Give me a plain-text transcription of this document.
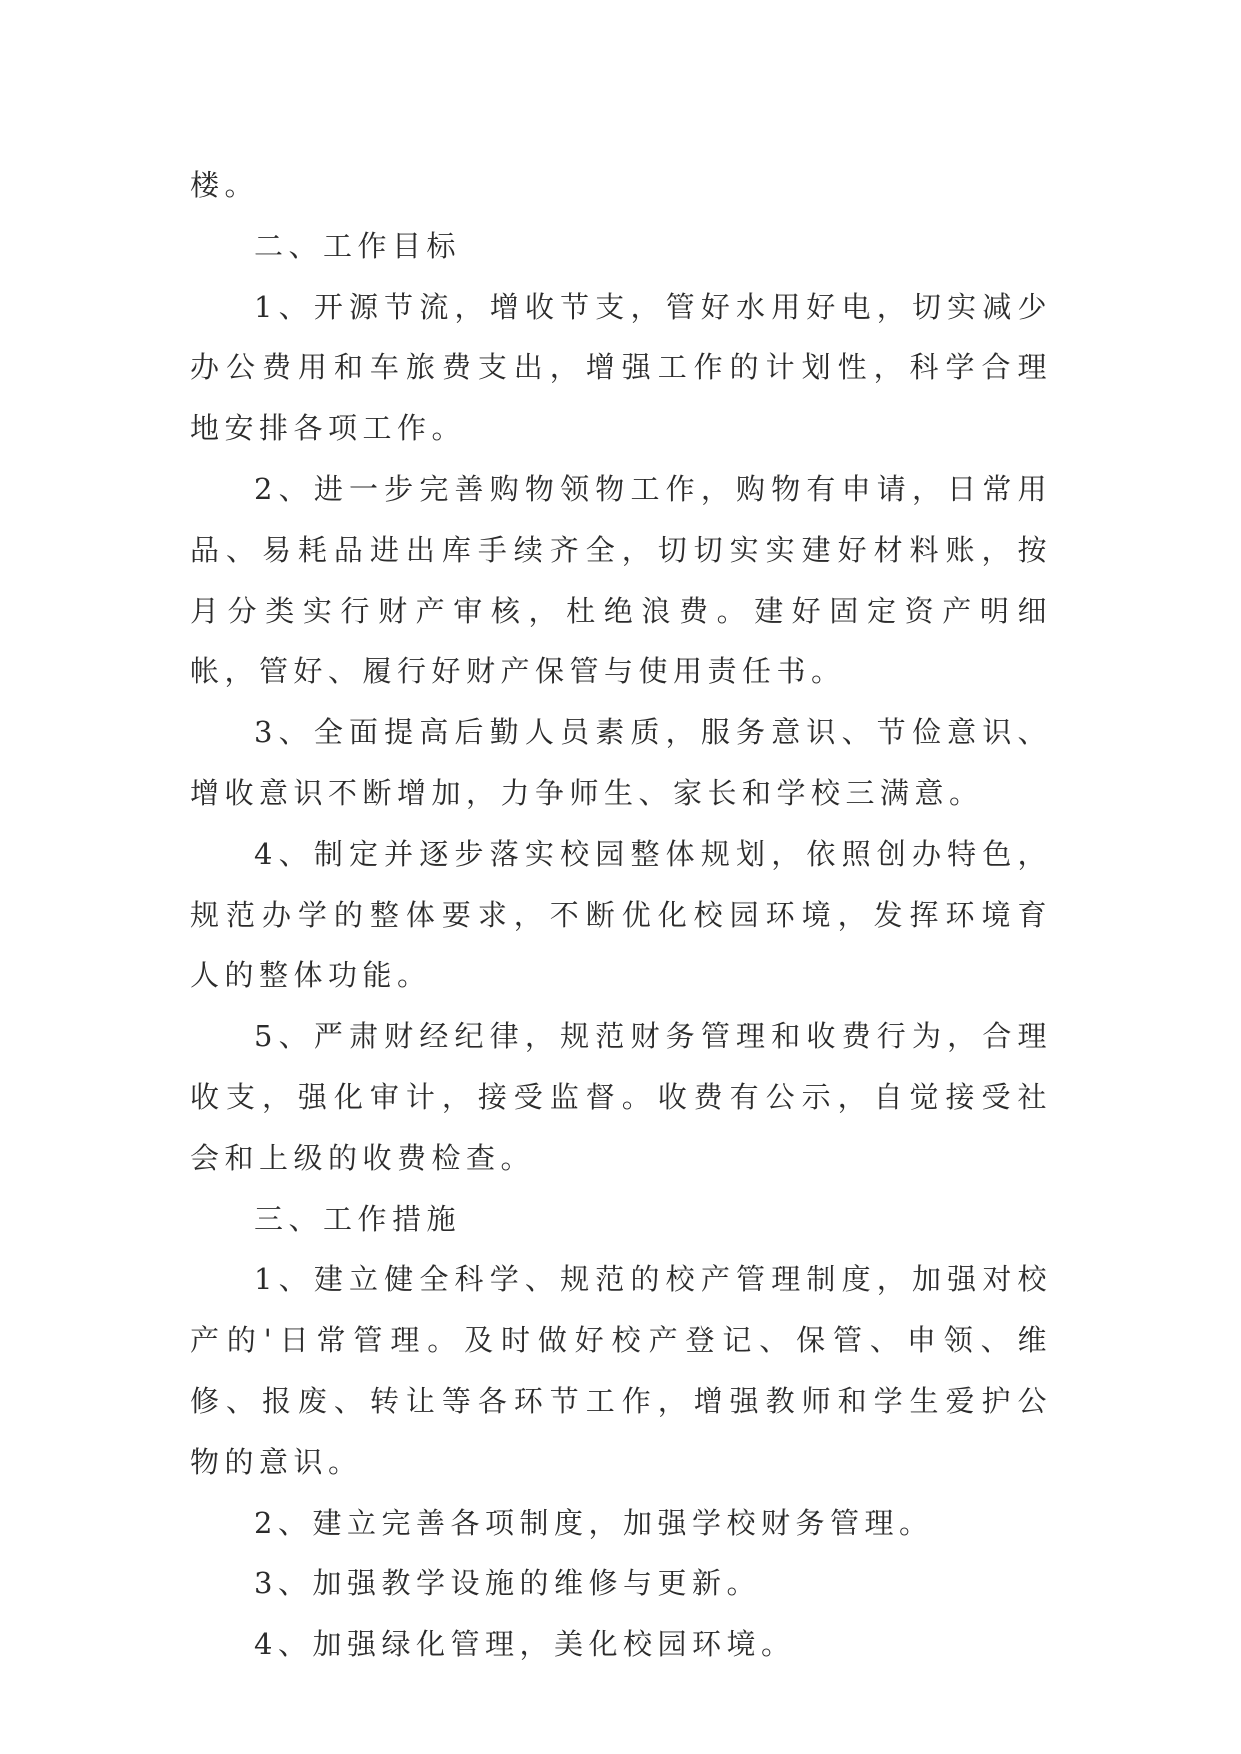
楼。

二、工作目标

1、开源节流，增收节支，管好水用好电，切实减少办公费用和车旅费支出，增强工作的计划性，科学合理地安排各项工作。

2、进一步完善购物领物工作，购物有申请，日常用品、易耗品进出库手续齐全，切切实实建好材料账，按月分类实行财产审核，杜绝浪费。建好固定资产明细帐，管好、履行好财产保管与使用责任书。

3、全面提高后勤人员素质，服务意识、节俭意识、增收意识不断增加，力争师生、家长和学校三满意。

4、制定并逐步落实校园整体规划，依照创办特色，规范办学的整体要求，不断优化校园环境，发挥环境育人的整体功能。

5、严肃财经纪律，规范财务管理和收费行为，合理收支，强化审计，接受监督。收费有公示，自觉接受社会和上级的收费检查。

三、工作措施

1、建立健全科学、规范的校产管理制度，加强对校产的'日常管理。及时做好校产登记、保管、申领、维修、报废、转让等各环节工作，增强教师和学生爱护公物的意识。

2、建立完善各项制度，加强学校财务管理。

3、加强教学设施的维修与更新。

4、加强绿化管理，美化校园环境。
